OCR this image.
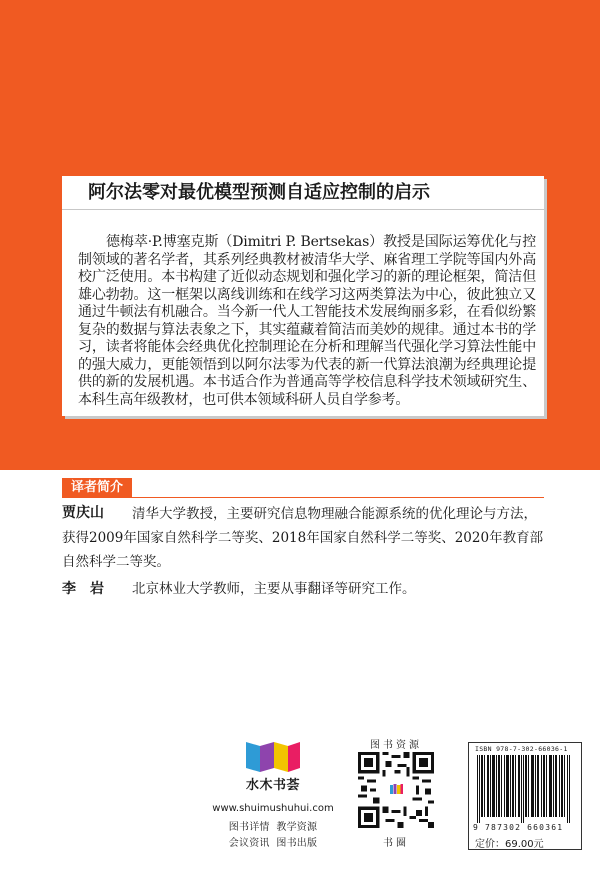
阿尔法零对最优模型预测自适应控制的启示
德梅萃·P.博塞克斯（Dimitri P. Bertsekas）教授是国际运筹优化与控制领域的著名学者，其系列经典教材被清华大学、麻省理工学院等国内外高校广泛使用。本书构建了近似动态规划和强化学习的新的理论框架，简洁但雄心勃勃。这一框架以离线训练和在线学习这两类算法为中心，彼此独立又通过牛顿法有机融合。当今新一代人工智能技术发展绚丽多彩，在看似纷繁复杂的数据与算法表象之下，其实蕴藏着简洁而美妙的规律。通过本书的学习，读者将能体会经典优化控制理论在分析和理解当代强化学习算法性能中的强大威力，更能领悟到以阿尔法零为代表的新一代算法浪潮为经典理论提供的新的发展机遇。本书适合作为普通高等学校信息科学技术领域研究生、本科生高年级教材，也可供本领域科研人员自学参考。
译者简介
贾庆山	清华大学教授，主要研究信息物理融合能源系统的优化理论与方法，获得2009年国家自然科学二等奖、2018年国家自然科学二等奖、2020年教育部自然科学二等奖。
李　岩 北京林业大学教师，主要从事翻译等研究工作。
水木书荟
www.shuimushuhui.com
图书详情 教学资源
会议资讯 图书出版
图书资源
书圈
ISBN 978-7-302-66036-1
9 787302 660361
定价：69.00元
